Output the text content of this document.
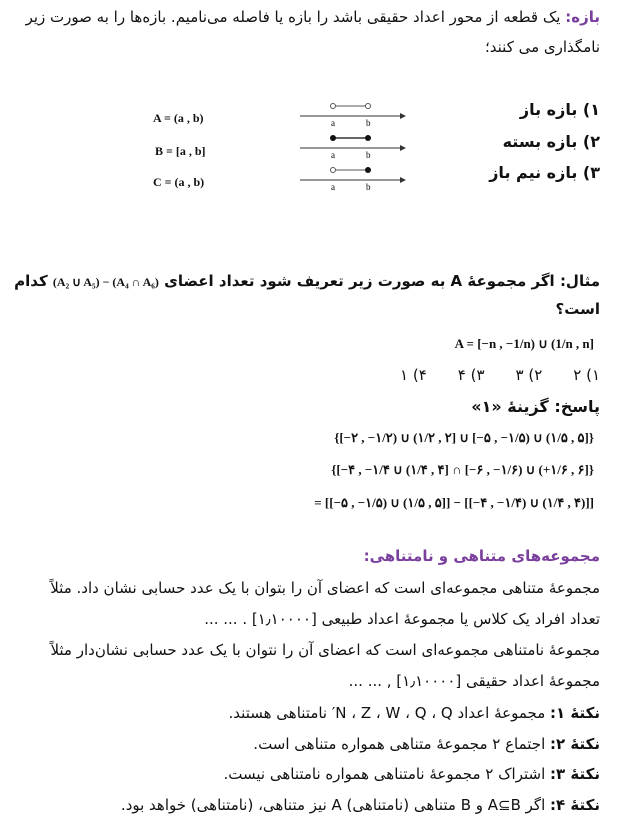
بازه: یک قطعه از محور اعداد حقیقی باشد را بازه یا فاصله می‌نامیم. بازه‌ها را به صورت زیر
نامگذاری می کنند؛
۱) بازه باز
۲) بازه بسته
۳) بازه نیم باز
A = (a , b)
B = [a , b]
C = (a , b)
a	b
a	b
a	b
مثال: اگر مجموعهٔ A به صورت زیر تعریف شود تعداد اعضای (A₂ ∪ A₅) − (A₄ ∩ A₆) کدام
است؟
A = [−n , −1/n) ∪ (1/n , n]
۱) ۲
۲) ۳
۳) ۴
۴) ۱
پاسخ: گزینهٔ «۱»
{[−۲ , −۱/۲) ∪ (۱/۲ , ۲] ∪ [−۵ , −۱/۵) ∪ (۱/۵ , ۵]}
{[−۴ , −۱/۴ ∪ (۱/۴ , ۴] ∩ [−۶ , −۱/۶) ∪ (+۱/۶ , ۶]}
= [[−۵ , −۱/۵) ∪ (۱/۵ , ۵]] − [[−۴ , −۱/۴) ∪ (۱/۴ , ۴)]]
مجموعه‌های متناهی و نامتناهی:
مجموعهٔ متناهی مجموعه‌ای است که اعضای آن را بتوان با یک عدد حسابی نشان داد. مثلاً
تعداد افراد یک کلاس یا مجموعهٔ اعداد طبیعی [۱٫۱۰۰۰۰] . ... ...
مجموعهٔ نامتناهی مجموعه‌ای است که اعضای آن را نتوان با یک عدد حسابی نشان‌دار مثلاً
مجموعهٔ اعداد حقیقی [۱٫۱۰۰۰۰] , ... ...
نکتهٔ ۱: مجموعهٔ اعداد N ، Z ، W ، Q ، Q′ نامتناهی هستند.
نکتهٔ ۲: اجتماع ۲ مجموعهٔ متناهی همواره متناهی است.
نکتهٔ ۳: اشتراک ۲ مجموعهٔ نامتناهی همواره نامتناهی نیست.
نکتهٔ ۴: اگر A⊆B و B متناهی (نامتناهی) A نیز متناهی، (نامتناهی) خواهد بود.
